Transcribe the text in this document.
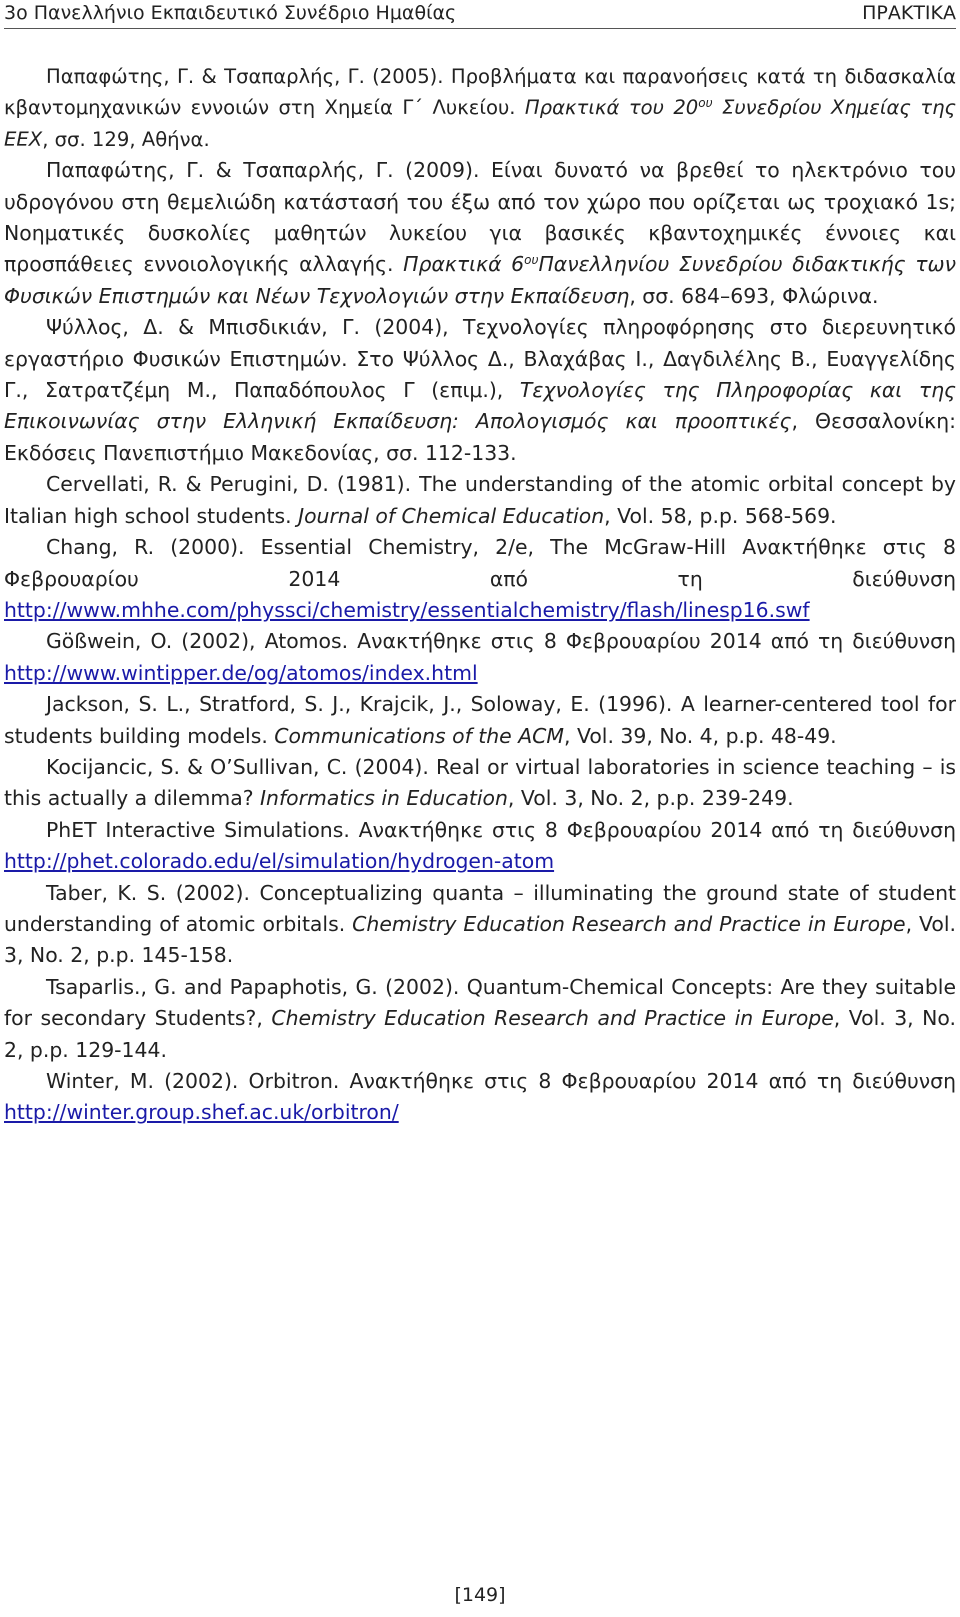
3ο Πανελλήνιο Εκπαιδευτικό Συνέδριο Ημαθίας	ΠΡΑΚΤΙΚΑ

Παπαφώτης, Γ. & Τσαπαρλής, Γ. (2005). Προβλήματα και παρανοήσεις κατά τη διδασκαλία κβαντομηχανικών εννοιών στη Χημεία Γ΄ Λυκείου. Πρακτικά του $20^{o\upsilon}$ Συνεδρίου Χημείας της ΕΕΧ, σσ. 129, Αθήνα.

Παπαφώτης, Γ. & Τσαπαρλής, Γ. (2009). Είναι δυνατό να βρεθεί το ηλεκτρόνιο του υδρογόνου στη θεμελιώδη κατάστασή του έξω από τον χώρο που ορίζεται ως τροχιακό 1s; Νοηματικές δυσκολίες μαθητών λυκείου για βασικές κβαντοχημικές έννοιες και προσπάθειες εννοιολογικής αλλαγής. Πρακτικά $6^{o\upsilon}\Pi\alpha\nu\varepsilon\lambda\lambda\eta\nu ίo\upsilon$ Συνεδρίου διδακτικής των Φυσικών Επιστημών και Νέων Τεχνολογιών στην Εκπαίδευση, σσ. 684–693, Φλώρινα.

Ψύλλος, Δ. & Μπισδικιάν, Γ. (2004), Τεχνολογίες πληροφόρησης στο διερευνητικό εργαστήριο Φυσικών Επιστημών. Στο Ψύλλος Δ., Βλαχάβας Ι., Δαγδιλέλης Β., Ευαγγελίδης Γ., Σατρατζέμη Μ., Παπαδόπουλος Γ (επιμ.), Τεχνολογίες της Πληροφορίας και της Επικοινωνίας στην Ελληνική Εκπαίδευση: Απολογισμός και προοπτικές, Θεσσαλονίκη: Εκδόσεις Πανεπιστήμιο Μακεδονίας, σσ. 112-133.

Cervellati, R. & Perugini, D. (1981). The understanding of the atomic orbital concept by Italian high school students. Journal of Chemical Education, Vol. 58, p.p. 568-569.

Chang, R. (2000). Essential Chemistry, 2/e, The McGraw-Hill Ανακτήθηκε στις 8 Φεβρουαρίου 2014 από τη διεύθυνση http://www.mhhe.com/physsci/chemistry/essentialchemistry/flash/linesp16.swf

Gößwein, O. (2002), Atomos. Ανακτήθηκε στις 8 Φεβρουαρίου 2014 από τη διεύθυνση http://www.wintipper.de/og/atomos/index.html

Jackson, S. L., Stratford, S. J., Krajcik, J., Soloway, E. (1996). A learner-centered tool for students building models. Communications of the ACM, Vol. 39, No. 4, p.p. 48-49.

Kocijancic, S. & O’Sullivan, C. (2004). Real or virtual laboratories in science teaching – is this actually a dilemma? Informatics in Education, Vol. 3, No. 2, p.p. 239-249.

PhET Interactive Simulations. Ανακτήθηκε στις 8 Φεβρουαρίου 2014 από τη διεύθυνση http://phet.colorado.edu/el/simulation/hydrogen-atom

Taber, K. S. (2002). Conceptualizing quanta – illuminating the ground state of student understanding of atomic orbitals. Chemistry Education Research and Practice in Europe, Vol. 3, No. 2, p.p. 145-158.

Tsaparlis., G. and Papaphotis, G. (2002). Quantum-Chemical Concepts: Are they suitable for secondary Students?, Chemistry Education Research and Practice in Europe, Vol. 3, No. 2, p.p. 129-144.

Winter, M. (2002). Orbitron. Ανακτήθηκε στις 8 Φεβρουαρίου 2014 από τη διεύθυνση http://winter.group.shef.ac.uk/orbitron/

[149]
